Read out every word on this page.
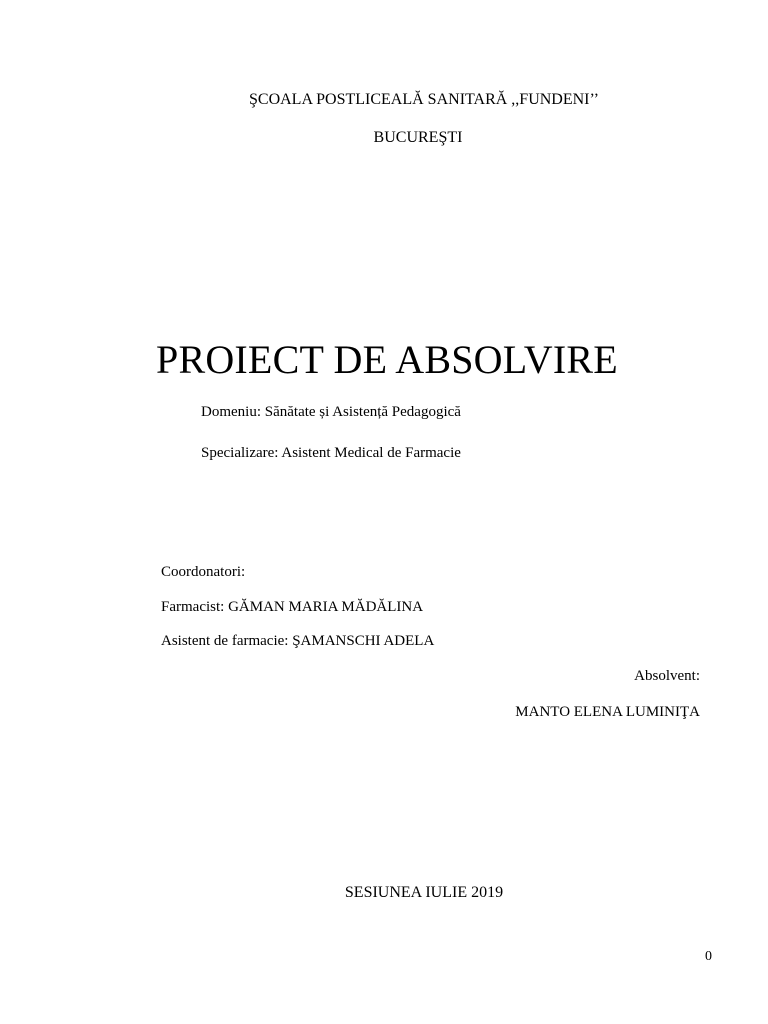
ŞCOALA POSTLICEALĂ SANITARĂ ,,FUNDENI’’
BUCUREŞTI
PROIECT DE ABSOLVIRE
Domeniu: Sănătate și Asistență Pedagogică
Specializare: Asistent Medical de Farmacie
Coordonatori:
Farmacist: GĂMAN MARIA MĂDĂLINA
Asistent de farmacie: ŞAMANSCHI ADELA
Absolvent:
MANTO ELENA LUMINIŢA
SESIUNEA IULIE 2019
0
